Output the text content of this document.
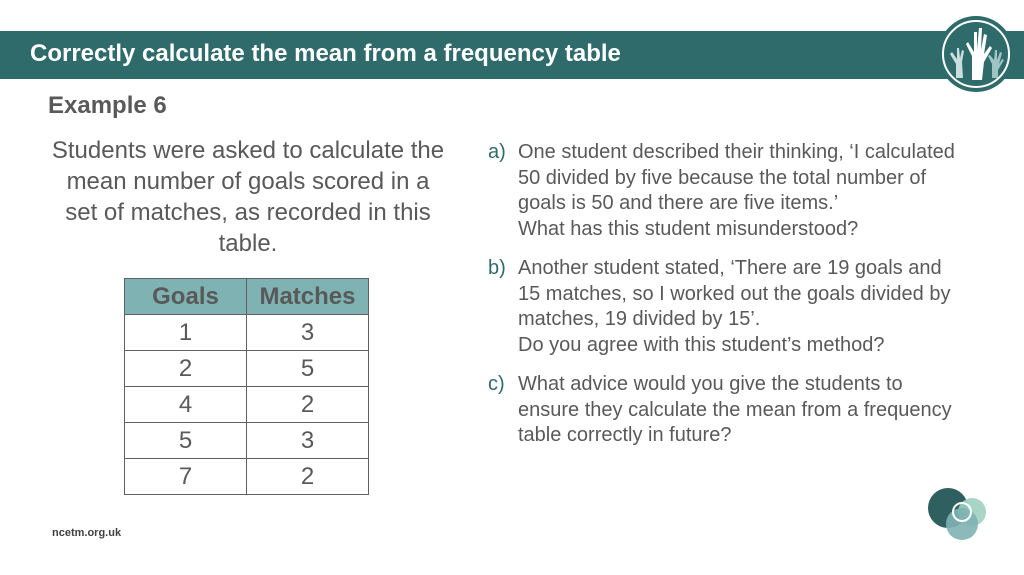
Correctly calculate the mean from a frequency table
Example 6
Students were asked to calculate the mean number of goals scored in a set of matches, as recorded in this table.
Goals	Matches
1	3
2	5
4	2
5	3
7	2
a) One student described their thinking, ‘I calculated
50 divided by five because the total number of
goals is 50 and there are five items.’
What has this student misunderstood?
b) Another student stated, ‘There are 19 goals and
15 matches, so I worked out the goals divided by
matches, 19 divided by 15’.
Do you agree with this student’s method?
c) What advice would you give the students to
ensure they calculate the mean from a frequency
table correctly in future?
ncetm.org.uk
